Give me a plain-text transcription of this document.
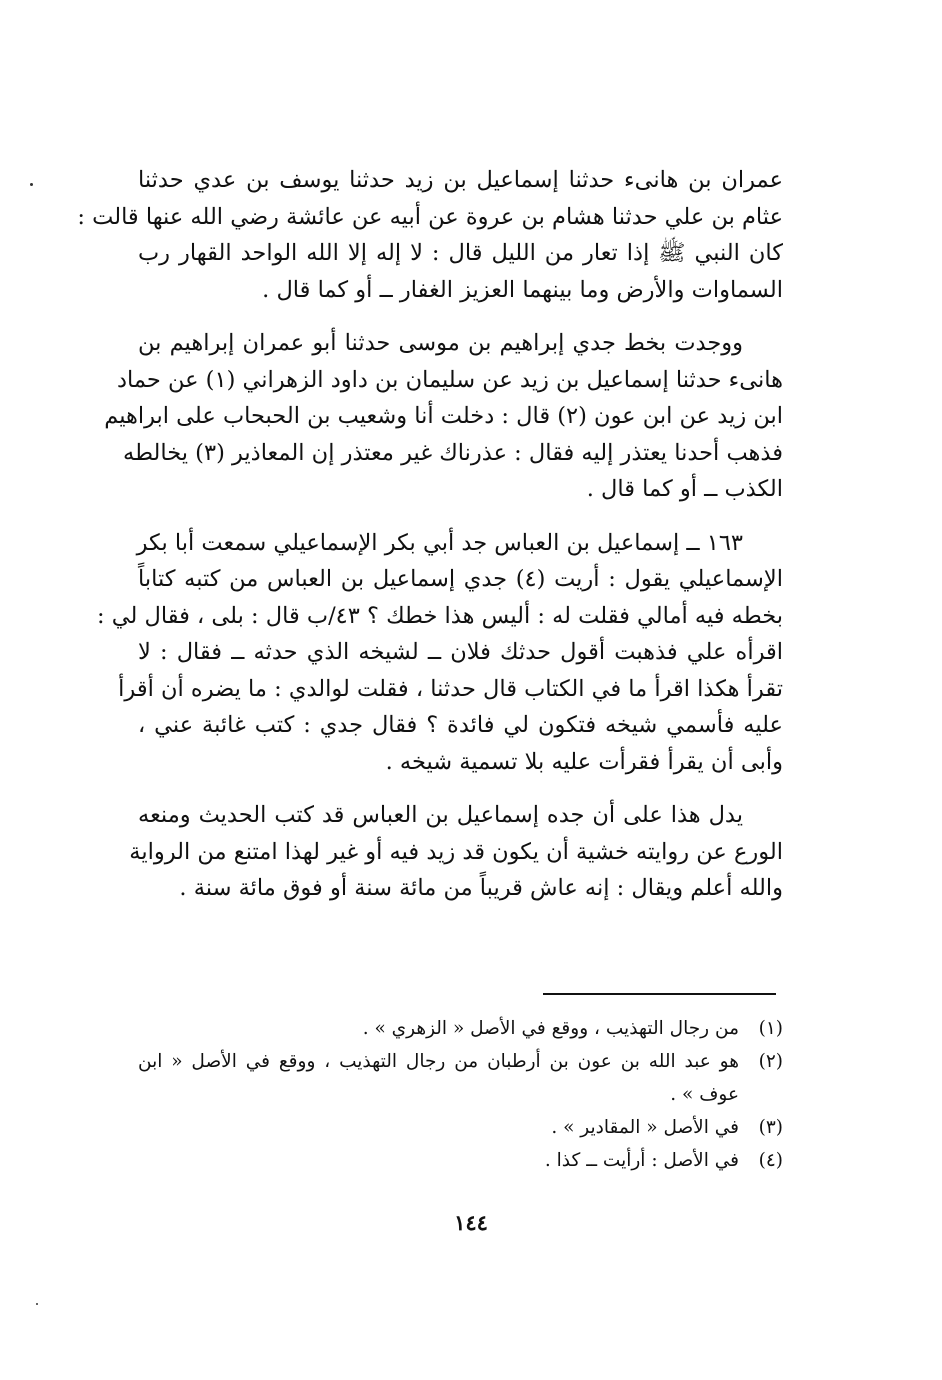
عمران بن هانىء حدثنا إسماعيل بن زيد حدثنا يوسف بن عدي حدثنا
عثام بن علي حدثنا هشام بن عروة عن أبيه عن عائشة رضي الله عنها قالت :
كان النبي ﷺ إذا تعار من الليل قال : لا إله إلا الله الواحد القهار رب
السماوات والأرض وما بينهما العزيز الغفار ــ أو كما قال .

ووجدت بخط جدي إبراهيم بن موسى حدثنا أبو عمران إبراهيم بن
هانىء حدثنا إسماعيل بن زيد عن سليمان بن داود الزهراني (١) عن حماد
ابن زيد عن ابن عون (٢) قال : دخلت أنا وشعيب بن الحبحاب على ابراهيم
فذهب أحدنا يعتذر إليه فقال : عذرناك غير معتذر إن المعاذير (٣) يخالطه
الكذب ــ أو كما قال .

١٦٣ ــ إسماعيل بن العباس جد أبي بكر الإسماعيلي سمعت أبا بكر
الإسماعيلي يقول : أريت (٤) جدي إسماعيل بن العباس من كتبه كتاباً
بخطه فيه أمالي فقلت له : أليس هذا خطك ؟ ٤٣/ب قال : بلى ، فقال لي :
اقرأه علي فذهبت أقول حدثك فلان ــ لشيخه الذي حدثه ــ فقال : لا
تقرأ هكذا اقرأ ما في الكتاب قال حدثنا ، فقلت لوالدي : ما يضره أن أقرأ
عليه فأسمي شيخه فتكون لي فائدة ؟ فقال جدي : كتب غائبة عني ،
وأبى أن يقرأ فقرأت عليه بلا تسمية شيخه .

يدل هذا على أن جده إسماعيل بن العباس قد كتب الحديث ومنعه
الورع عن روايته خشية أن يكون قد زيد فيه أو غير لهذا امتنع من الرواية
والله أعلم ويقال : إنه عاش قريباً من مائة سنة أو فوق مائة سنة .

(١)
من رجال التهذيب ، ووقع في الأصل « الزهري » .
(٢)
هو عبد الله بن عون بن أرطبان من رجال التهذيب ، ووقع في الأصل « ابن
عوف » .
(٣)
في الأصل « المقادير » .
(٤)
في الأصل : أرأيت ــ كذا .
١٤٤
